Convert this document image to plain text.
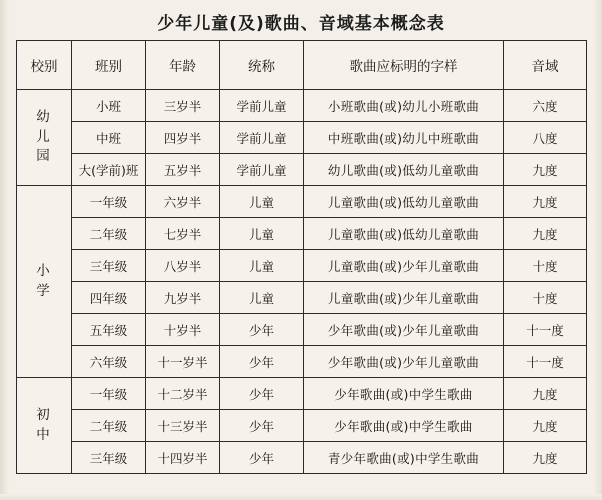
少年儿童(及)歌曲、音域基本概念表
校别	班别	年龄	统称	歌曲应标明的字样	音域

幼
儿
园	小班	三岁半	学前儿童	小班歌曲(或)幼儿小班歌曲	六度
	中班	四岁半	学前儿童	中班歌曲(或)幼儿中班歌曲	八度
	大(学前)班	五岁半	学前儿童	幼儿歌曲(或)低幼儿童歌曲	九度

小
学	一年级	六岁半	儿童	儿童歌曲(或)低幼儿童歌曲	九度
	二年级	七岁半	儿童	儿童歌曲(或)低幼儿童歌曲	九度
	三年级	八岁半	儿童	儿童歌曲(或)少年儿童歌曲	十度
	四年级	九岁半	儿童	儿童歌曲(或)少年儿童歌曲	十度
	五年级	十岁半	少年	少年歌曲(或)少年儿童歌曲	十一度
	六年级	十一岁半	少年	少年歌曲(或)少年儿童歌曲	十一度

初
中	一年级	十二岁半	少年	少年歌曲(或)中学生歌曲	九度
	二年级	十三岁半	少年	少年歌曲(或)中学生歌曲	九度
	三年级	十四岁半	少年	青少年歌曲(或)中学生歌曲	九度
